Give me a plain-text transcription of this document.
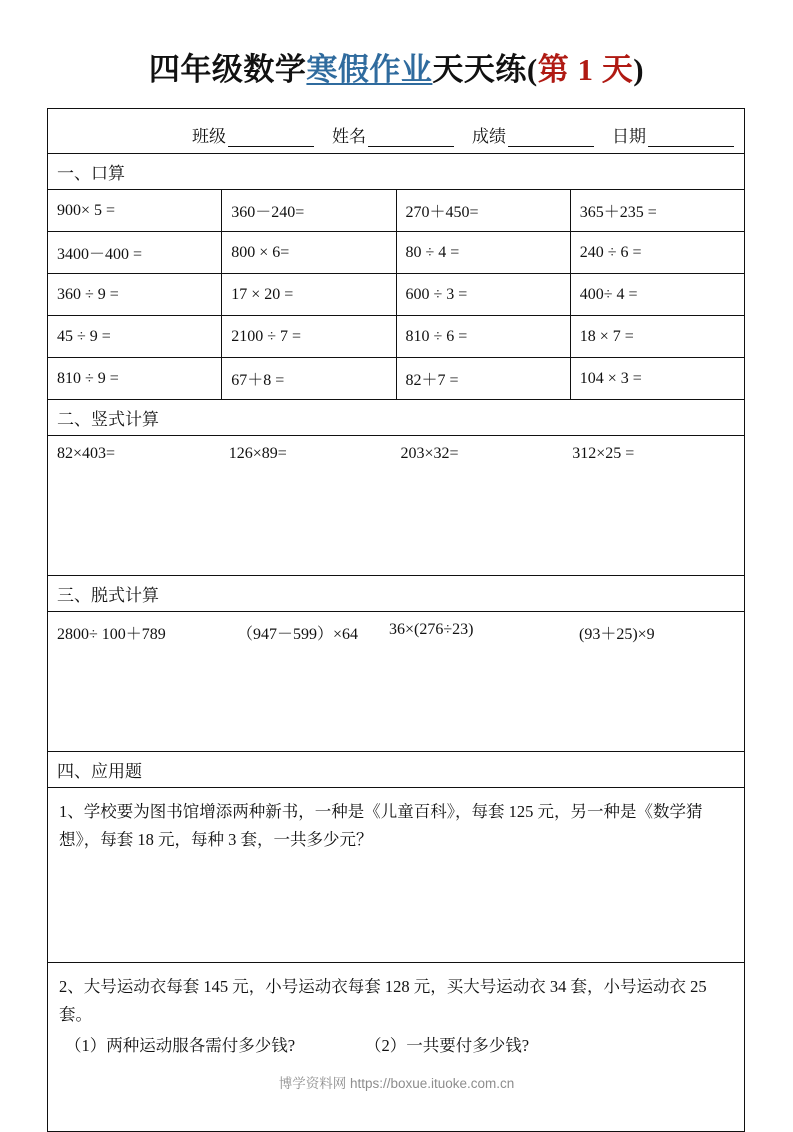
四年级数学寒假作业天天练(第 1 天)
班级	姓名	成绩	日期
一、口算
900× 5 =	360－240=	270＋450=	365＋235 =
3400－400 =	800 × 6=	80 ÷ 4 =	240 ÷ 6 =
360 ÷ 9 =	17 × 20 =	600 ÷ 3 =	400÷ 4 =
45 ÷ 9 =	2100 ÷ 7 =	810 ÷ 6 =	18 × 7 =
810 ÷ 9 =	67＋8 =	82＋7 =	104 × 3 =
二、竖式计算
82×403=	126×89=	203×32=	312×25 =
三、脱式计算
2800÷ 100＋789	（947－599）×64	36×(276÷23)	(93＋25)×9
四、应用题
1、学校要为图书馆增添两种新书，一种是《儿童百科》，每套 125 元，另一种是《数学猜想》，每套 18 元，每种 3 套，一共多少元？
2、大号运动衣每套 145 元，小号运动衣每套 128 元，买大号运动衣 34 套，小号运动衣 25 套。
（1）两种运动服各需付多少钱?	（2）一共要付多少钱?
博学资料网 https://boxue.ituoke.com.cn
